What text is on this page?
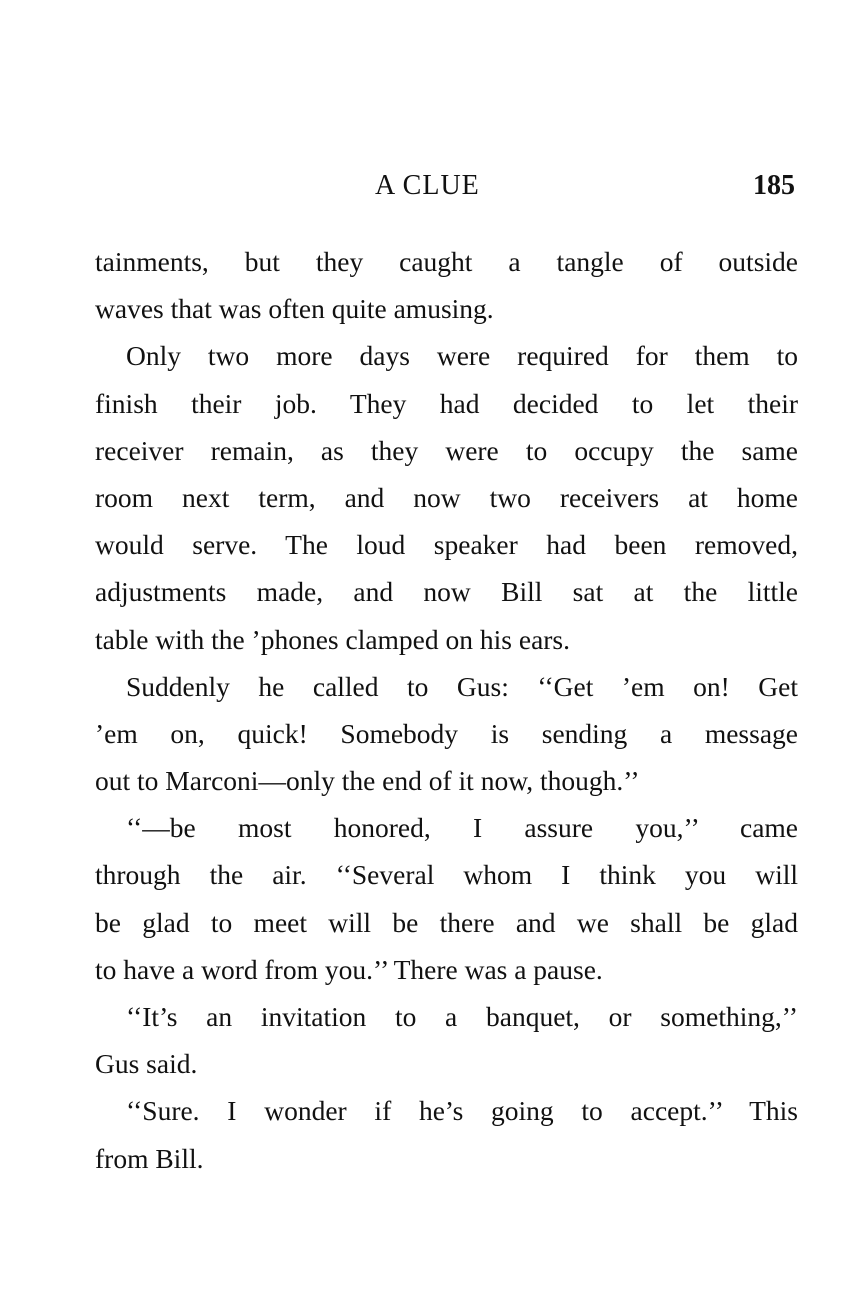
A CLUE	185
tainments, but they caught a tangle of outside
waves that was often quite amusing.
Only two more days were required for them to
finish their job. They had decided to let their
receiver remain, as they were to occupy the same
room next term, and now two receivers at home
would serve. The loud speaker had been removed,
adjustments made, and now Bill sat at the little
table with the ’phones clamped on his ears.
Suddenly he called to Gus: ‘‘Get ’em on! Get
’em on, quick! Somebody is sending a message
out to Marconi—only the end of it now, though.’’
‘‘—be most honored, I assure you,’’ came
through the air. ‘‘Several whom I think you will
be glad to meet will be there and we shall be glad
to have a word from you.’’ There was a pause.
‘‘It’s an invitation to a banquet, or something,’’
Gus said.
‘‘Sure. I wonder if he’s going to accept.’’ This
from Bill.
